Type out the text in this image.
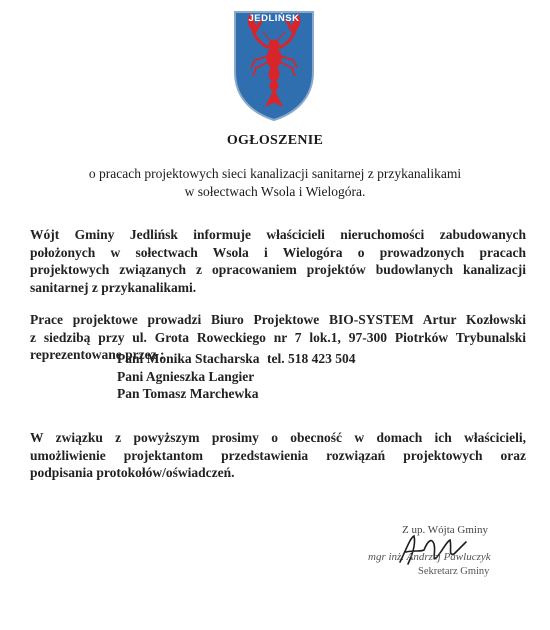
JEDLIŃSK
OGŁOSZENIE
o pracach projektowych sieci kanalizacji sanitarnej z przykanalikami
w sołectwach Wsola i Wielogóra.
Wójt Gminy Jedlińsk informuje właścicieli nieruchomości zabudowanych
położonych w sołectwach Wsola i Wielogóra o prowadzonych pracach
projektowych związanych z opracowaniem projektów budowlanych kanalizacji
sanitarnej z przykanalikami.
Prace projektowe prowadzi Biuro Projektowe BIO-SYSTEM Artur Kozłowski
z siedzibą przy ul. Grota Roweckiego nr 7 lok.1, 97-300 Piotrków Trybunalski
reprezentowane przez :
Pani Monika Stacharska tel. 518 423 504
Pani Agnieszka Langier
Pan Tomasz Marchewka
W związku z powyższym prosimy o obecność w domach ich właścicieli,
umożliwienie projektantom przedstawienia rozwiązań projektowych oraz
podpisania protokołów/oświadczeń.
Z up. Wójta Gminy
mgr inż. Andrzej Pawluczyk
Sekretarz Gminy
